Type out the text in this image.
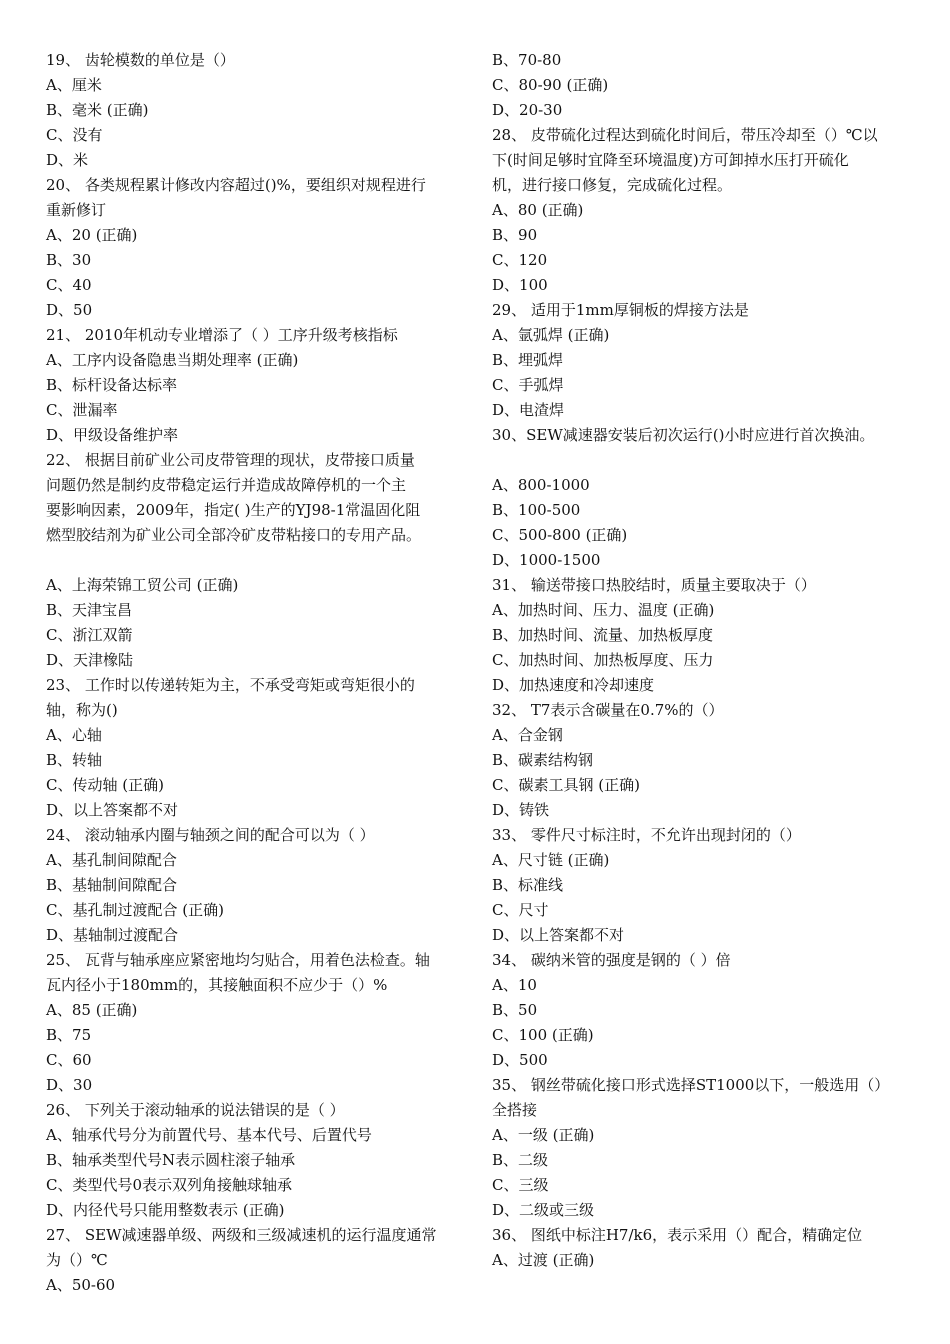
19、 齿轮模数的单位是（）
A、厘米
B、毫米 (正确)
C、没有
D、米
20、 各类规程累计修改内容超过()%，要组织对规程进行
重新修订
A、20 (正确)
B、30
C、40
D、50
21、 2010年机动专业增添了（ ）工序升级考核指标
A、工序内设备隐患当期处理率 (正确)
B、标杆设备达标率
C、泄漏率
D、甲级设备维护率
22、 根据目前矿业公司皮带管理的现状，皮带接口质量
问题仍然是制约皮带稳定运行并造成故障停机的一个主
要影响因素，2009年，指定( )生产的YJ98-1常温固化阻
燃型胶结剂为矿业公司全部冷矿皮带粘接口的专用产品。
A、上海荣锦工贸公司 (正确)
B、天津宝昌
C、浙江双箭
D、天津橡陆
23、 工作时以传递转矩为主，不承受弯矩或弯矩很小的
轴，称为()
A、心轴
B、转轴
C、传动轴 (正确)
D、以上答案都不对
24、 滚动轴承内圈与轴颈之间的配合可以为（ ）
A、基孔制间隙配合
B、基轴制间隙配合
C、基孔制过渡配合 (正确)
D、基轴制过渡配合
25、 瓦背与轴承座应紧密地均匀贴合，用着色法检查。轴
瓦内径小于180mm的，其接触面积不应少于（）%
A、85 (正确)
B、75
C、60
D、30
26、 下列关于滚动轴承的说法错误的是（ ）
A、轴承代号分为前置代号、基本代号、后置代号
B、轴承类型代号N表示圆柱滚子轴承
C、类型代号0表示双列角接触球轴承
D、内径代号只能用整数表示 (正确)
27、 SEW减速器单级、两级和三级减速机的运行温度通常
为（）℃
A、50-60
B、70-80
C、80-90 (正确)
D、20-30
28、 皮带硫化过程达到硫化时间后，带压冷却至（）℃以
下(时间足够时宜降至环境温度)方可卸掉水压打开硫化
机，进行接口修复，完成硫化过程。
A、80 (正确)
B、90
C、120
D、100
29、 适用于1mm厚铜板的焊接方法是
A、氩弧焊 (正确)
B、埋弧焊
C、手弧焊
D、电渣焊
30、SEW减速器安装后初次运行()小时应进行首次换油。
A、800-1000
B、100-500
C、500-800 (正确)
D、1000-1500
31、 输送带接口热胶结时，质量主要取决于（）
A、加热时间、压力、温度 (正确)
B、加热时间、流量、加热板厚度
C、加热时间、加热板厚度、压力
D、加热速度和冷却速度
32、 T7表示含碳量在0.7%的（）
A、合金钢
B、碳素结构钢
C、碳素工具钢 (正确)
D、铸铁
33、 零件尺寸标注时，不允许出现封闭的（）
A、尺寸链 (正确)
B、标准线
C、尺寸
D、以上答案都不对
34、 碳纳米管的强度是钢的（ ）倍
A、10
B、50
C、100 (正确)
D、500
35、 钢丝带硫化接口形式选择ST1000以下，一般选用（）
全搭接
A、一级 (正确)
B、二级
C、三级
D、二级或三级
36、 图纸中标注H7/k6，表示采用（）配合，精确定位
A、过渡 (正确)
